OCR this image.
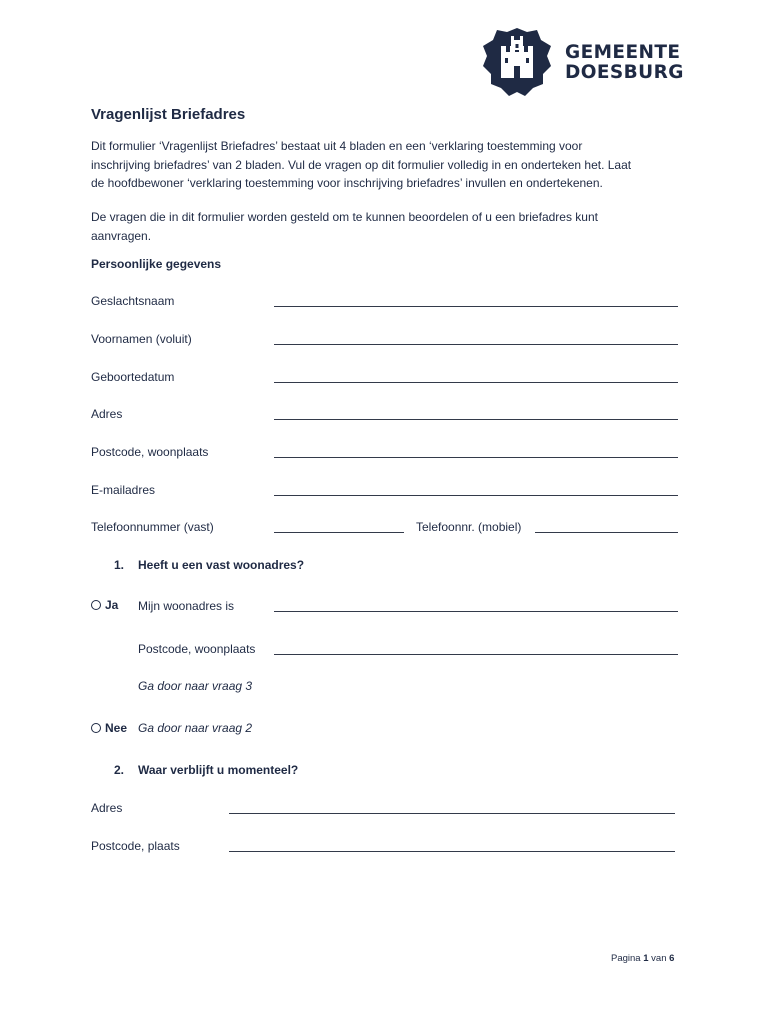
GEMEENTE
DOESBURG
Vragenlijst Briefadres
Dit formulier ‘Vragenlijst Briefadres’ bestaat uit 4 bladen en een ‘verklaring toestemming voor
inschrijving briefadres’ van 2 bladen. Vul de vragen op dit formulier volledig in en onderteken het. Laat
de hoofdbewoner ‘verklaring toestemming voor inschrijving briefadres’ invullen en ondertekenen.
De vragen die in dit formulier worden gesteld om te kunnen beoordelen of u een briefadres kunt
aanvragen.
Persoonlijke gegevens
Geslachtsnaam
Voornamen (voluit)
Geboortedatum
Adres
Postcode, woonplaats
E-mailadres
Telefoonnummer (vast)	Telefoonnr. (mobiel)
1. Heeft u een vast woonadres?
Ja Mijn woonadres is
Postcode, woonplaats
Ga door naar vraag 3
Nee Ga door naar vraag 2
2. Waar verblijft u momenteel?
Adres
Postcode, plaats
Pagina 1 van 6
